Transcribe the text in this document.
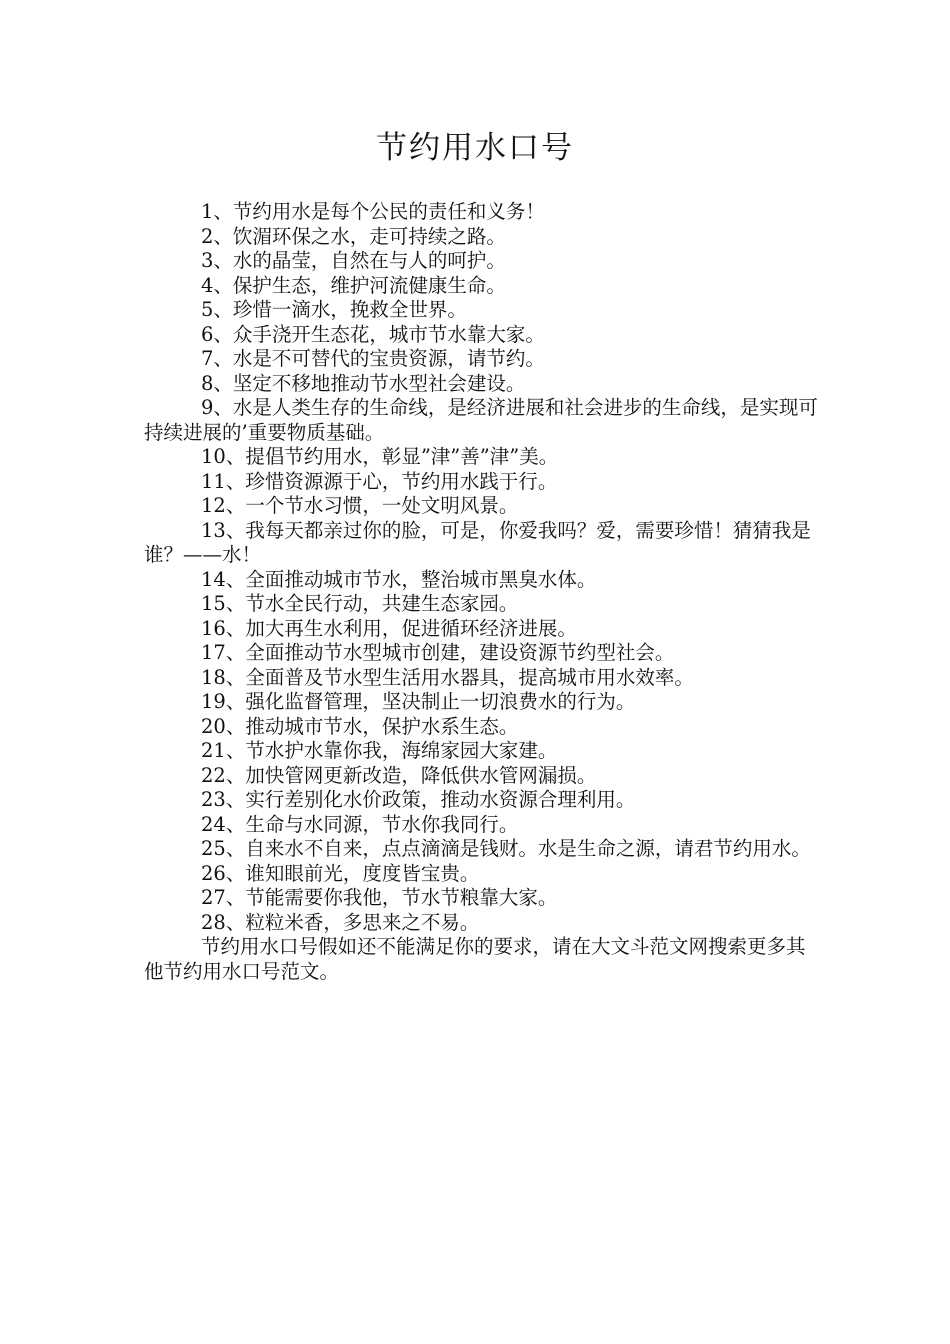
节约用水口号

1、节约用水是每个公民的责任和义务！

2、饮湄环保之水，走可持续之路。

3、水的晶莹，自然在与人的呵护。

4、保护生态，维护河流健康生命。

5、珍惜一滴水，挽救全世界。

6、众手浇开生态花，城市节水靠大家。

7、水是不可替代的宝贵资源，请节约。

8、坚定不移地推动节水型社会建设。

9、水是人类生存的生命线，是经济进展和社会进步的生命线，是实现可持续进展的’重要物质基础。

10、提倡节约用水，彰显”津”善”津”美。

11、珍惜资源源于心，节约用水践于行。

12、一个节水习惯，一处文明风景。

13、我每天都亲过你的脸，可是，你爱我吗？爱，需要珍惜！猜猜我是谁？——水！

14、全面推动城市节水，整治城市黑臭水体。

15、节水全民行动，共建生态家园。

16、加大再生水利用，促进循环经济进展。

17、全面推动节水型城市创建，建设资源节约型社会。

18、全面普及节水型生活用水器具，提高城市用水效率。

19、强化监督管理，坚决制止一切浪费水的行为。

20、推动城市节水，保护水系生态。

21、节水护水靠你我，海绵家园大家建。

22、加快管网更新改造，降低供水管网漏损。

23、实行差别化水价政策，推动水资源合理利用。

24、生命与水同源，节水你我同行。

25、自来水不自来，点点滴滴是钱财。水是生命之源，请君节约用水。

26、谁知眼前光，度度皆宝贵。

27、节能需要你我他，节水节粮靠大家。

28、粒粒米香，多思来之不易。

节约用水口号假如还不能满足你的要求，请在大文斗范文网搜索更多其他节约用水口号范文。
